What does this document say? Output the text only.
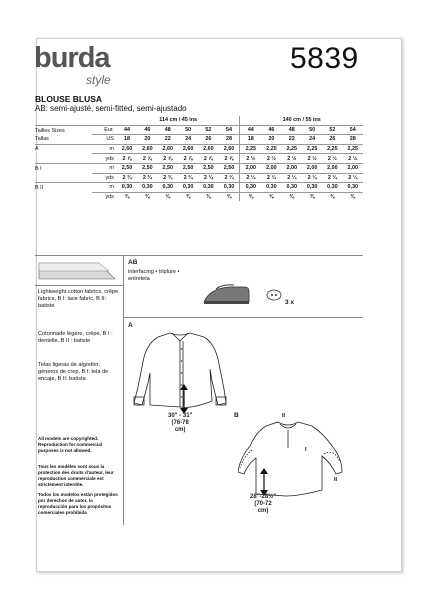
burda
style
5839
BLOUSE BLUSA
AB: semi-ajusté, semi-fitted, semi-ajustado
		114 cm / 45 ins						140 cm / 55 ins					
Tailles Sizes
Tallas	Eur.	44	46	48	50	52	54	44	46	48	50	52	54
	US	18	20	22	24	26	28	18	20	22	24	26	28
A	m	2,60	2,60	2,60	2,60	2,60	2,60	2,25	2,25	2,25	2,25	2,25	2,25
	yds	2 ⅞	2 ⅞	2 ⅞	2 ⅞	2 ⅞	2 ⅞	2 ½	2 ½	2 ½	2 ½	2 ½	2 ½
B I	m	2,50	2,50	2,50	2,50	2,50	2,50	2,00	2,00	2,00	2,00	2,00	2,00
	yds	2 ¾	2 ¾	2 ¾	2 ¾	2 ¾	2 ¾	2 ¼	2 ¼	2 ¼	2 ¼	2 ¼	2 ¼
B II	m	0,30	0,30	0,30	0,30	0,30	0,30	0,30	0,30	0,30	0,30	0,30	0,30
	yds	⅜	⅜	⅜	⅜	⅜	⅜	⅜	⅜	⅜	⅜	⅜	⅜
Lightweight cotton fabrics, crêpe fabrics, B I: lace fabric, B II: batiste
Cotonnade légère, crêpe, B I : dentelle, B II : batiste
Telas ligeras de algodón, géneros de crep, B I: tela de encaje, B II: batista
All models are copyrighted. Reproduction for commercial purposes is not allowed.
Tous les modèles sont sous la protection des droits d'auteur, leur reproduction commerciale est strictement interdite.
Todos los modelos están protegidos por derechos de autor, la reproducción para los propósitos comerciales prohibida
AB
interfacing • triplure • entretela
3 x
A
30" - 31"
(76-78
cm)
B	II
I
II
28"-28½"
(70-72
cm)
